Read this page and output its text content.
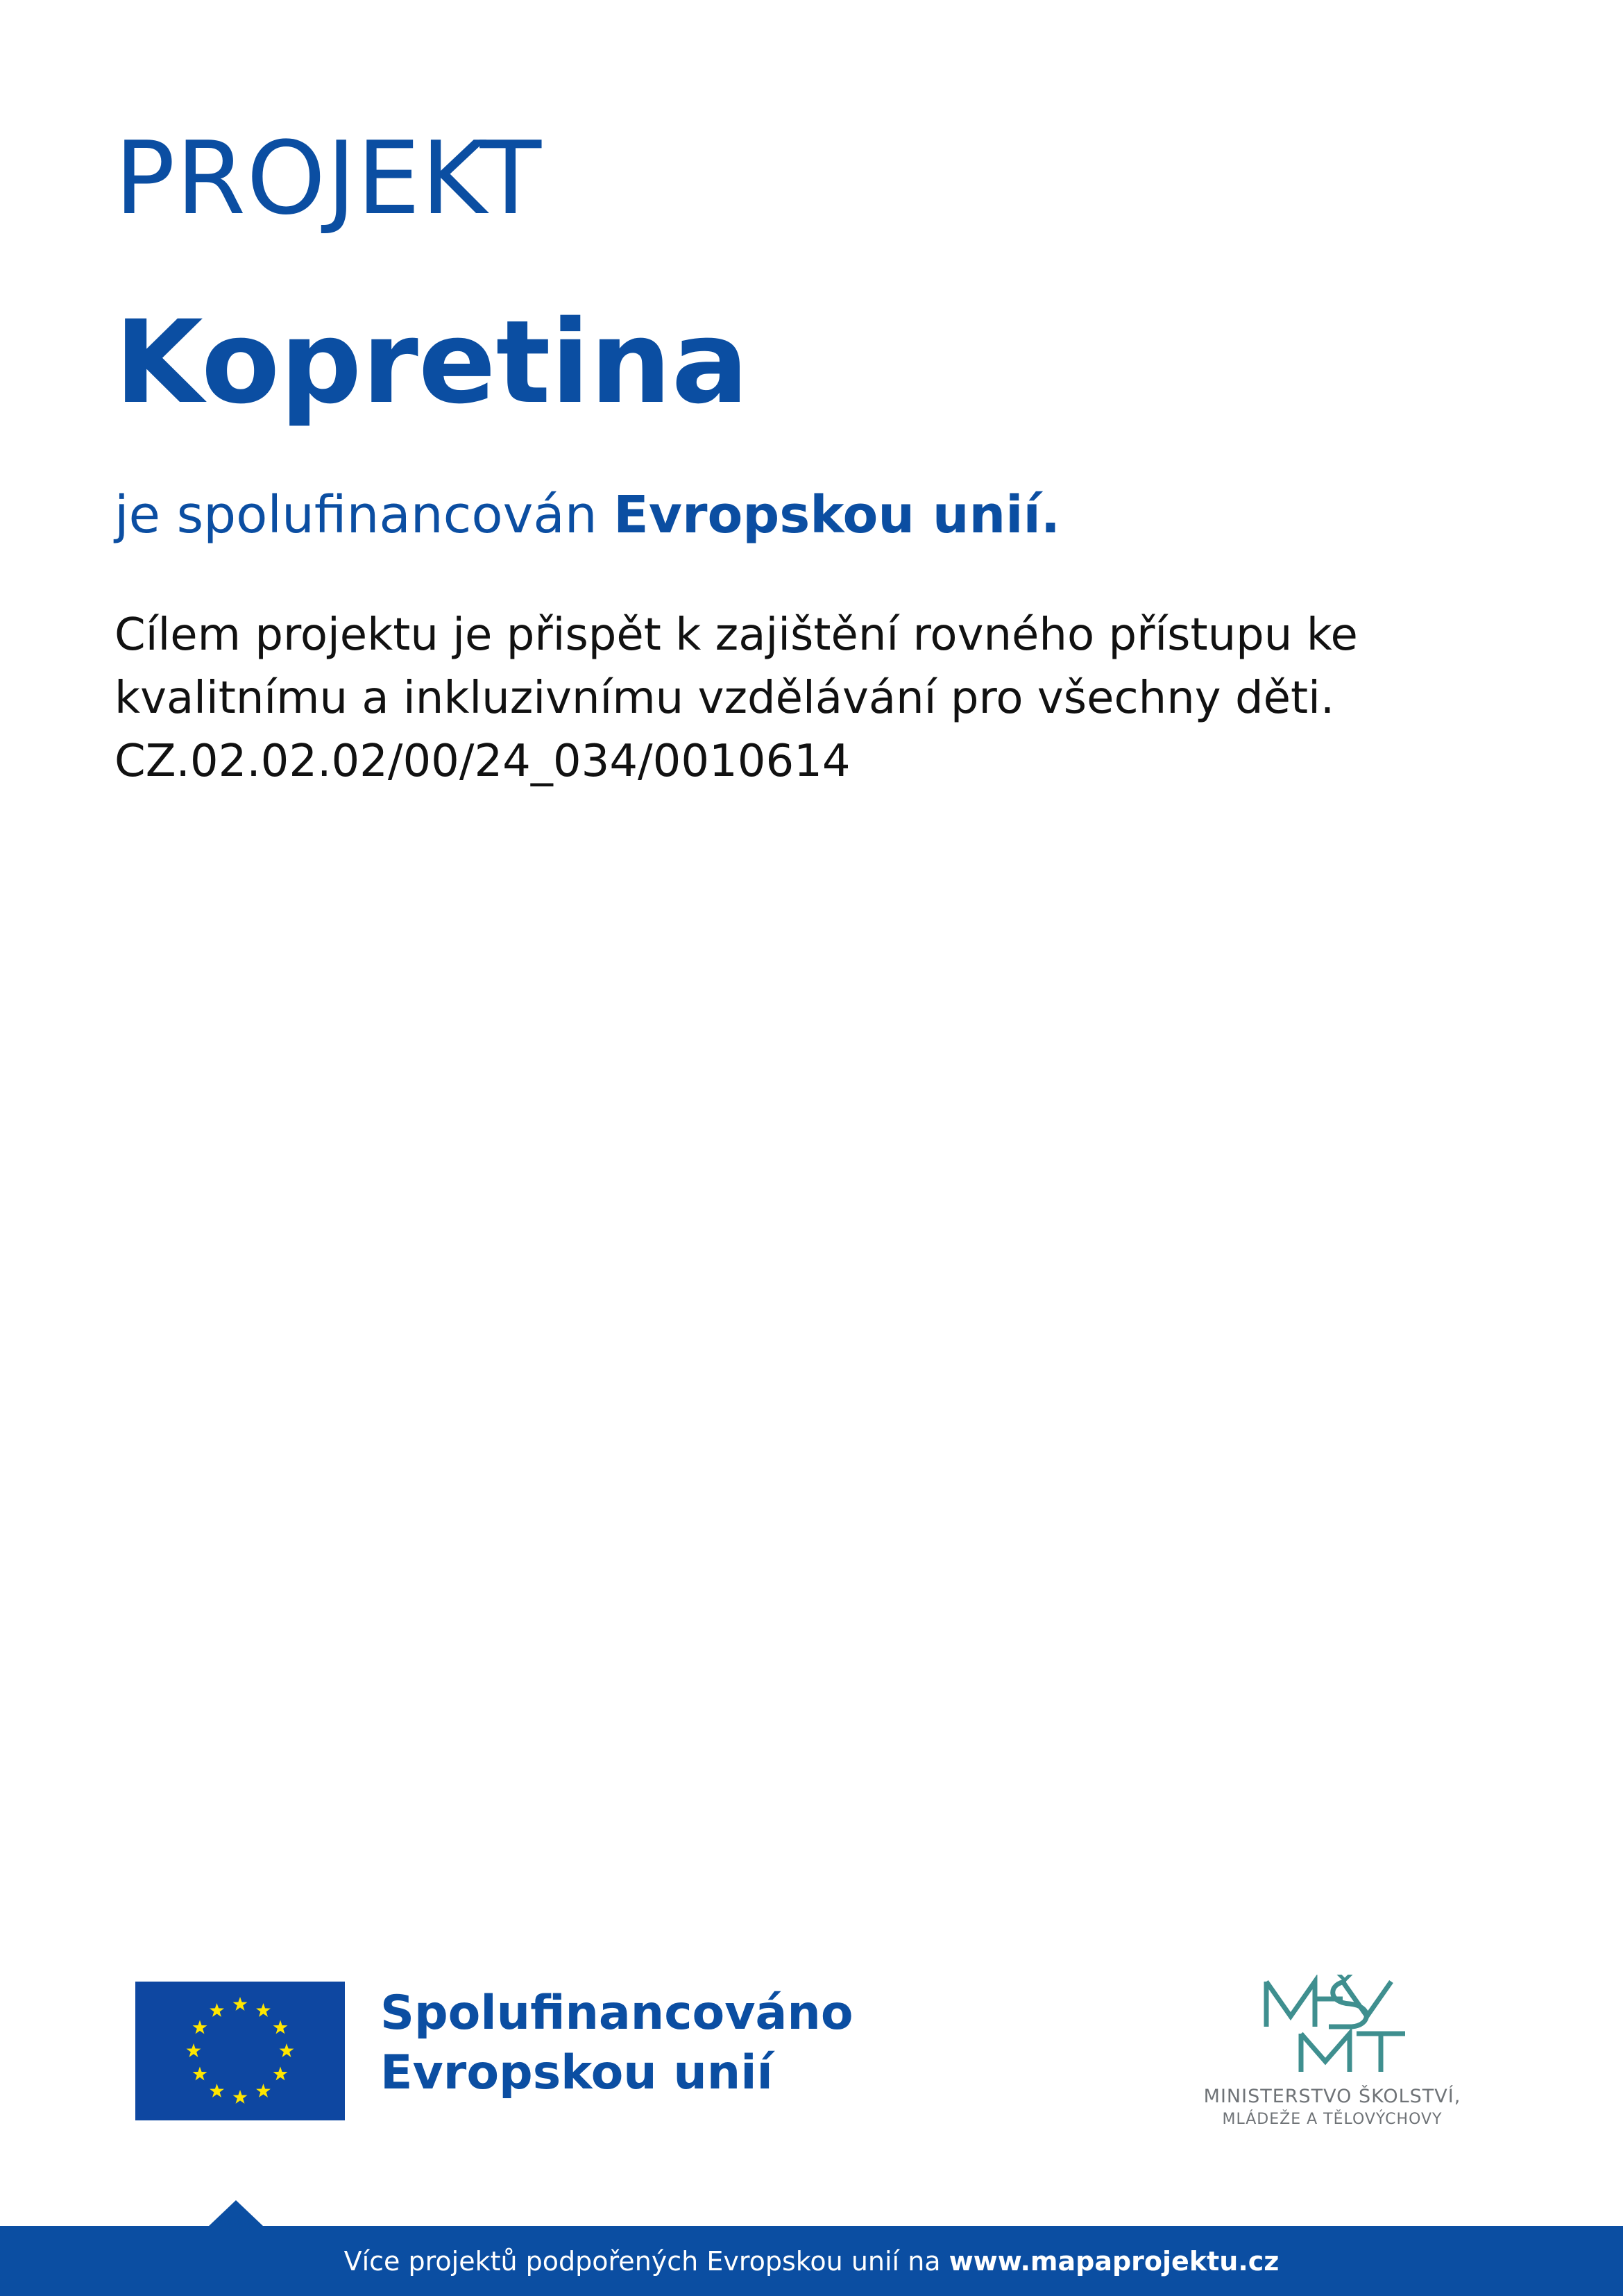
PROJEKT
Kopretina
je spolufinancován Evropskou unií.
Cílem projektu je přispět k zajištění rovného přístupu ke
kvalitnímu a inkluzivnímu vzdělávání pro všechny děti.
CZ.02.02.02/00/24_034/0010614
Spolufinancováno
Evropskou unií	MINISTERSTVO ŠKOLSTVÍ,
MLÁDEŽE A TĚLOVÝCHOVY
Více projektů podpořených Evropskou unií na www.mapaprojektu.cz
